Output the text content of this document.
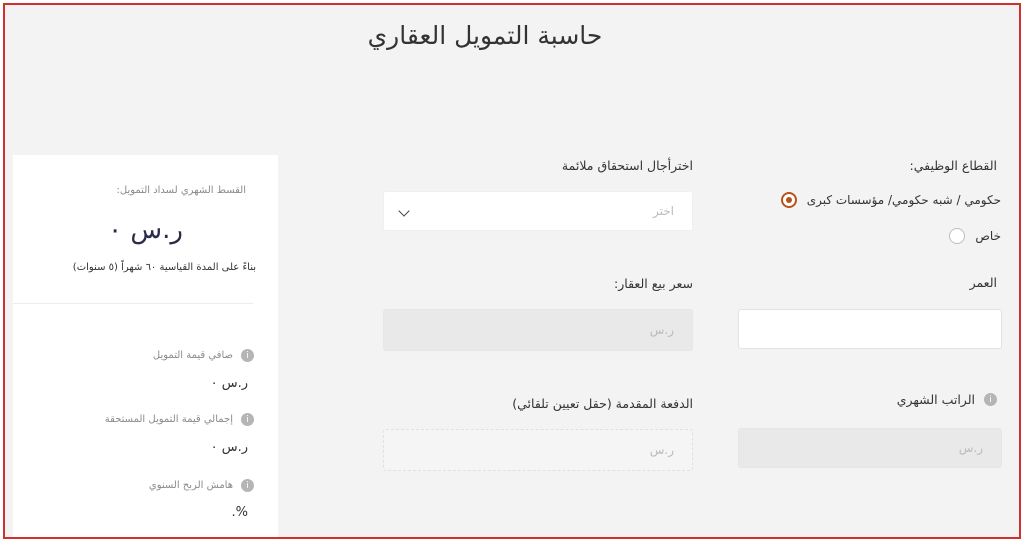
حاسبة التمويل العقاري
القطاع الوظيفي:
حكومي / شبه حكومي/ مؤسسات كبرى
خاص
العمر
الراتب الشهري	i
ر.س
اخترأجال استحقاق ملائمة
اختر
سعر بيع العقار:
ر.س
الدفعة المقدمة (حقل تعيين تلقائي)
ر.س
القسط الشهري لسداد التمويل:
ر.س ٠
بناءً على المدة القياسية ٦٠ شهراً (٥ سنوات)
صافي قيمة التمويل	i
ر.س ٠
إجمالي قيمة التمويل المستحقة	i
ر.س ٠
هامش الربح السنوي	i
%.
